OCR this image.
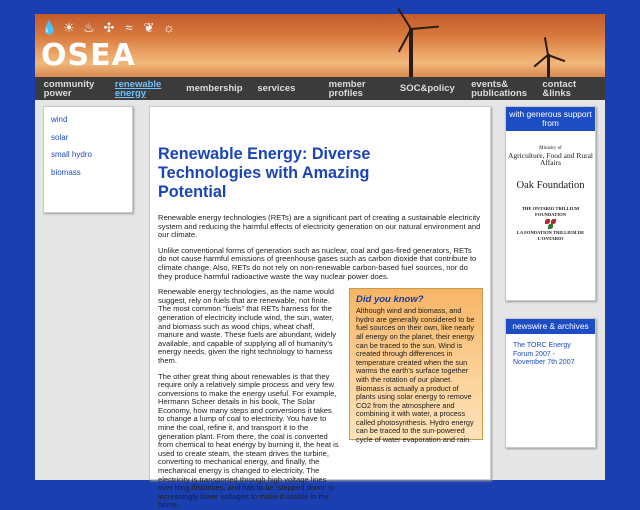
💧 ☀ ♨ ✣ ≈ ❦ ☼
OSEA
community power
renewable energy	membership services	member profiles	SOC&policy events& publications
contact &links
wind
solar
small hydro
biomass
Renewable Energy: Diverse Technologies with Amazing Potential

Renewable energy technologies (RETs) are a significant part of creating a sustainable electricity system and reducing the harmful effects of electricity generation on our natural environment and our climate.

Unlike conventional forms of generation such as nuclear, coal and gas-fired generators, RETs do not cause harmful emissions of greenhouse gases such as carbon dioxide that contribute to climate change. Also, RETs do not rely on non-renewable carbon-based fuel sources, nor do they produce harmful radioactive waste the way nuclear power does.

Did you know?

Although wind and biomass, and hydro are generally considered to be fuel sources on their own, like nearly all energy on the planet, their energy can be traced to the sun. Wind is created through differences in temperature created when the sun warms the earth’s surface together with the rotation of our planet. Biomass is actually a product of plants using solar energy to remove CO2 from the atmosphere and combining it with water, a process called photosynthesis. Hydro energy can be traced to the sun-powered cycle of water evaporation and rain.

Renewable energy technologies, as the name would suggest, rely on fuels that are renewable, not finite. The most common “fuels” that RETs harness for the generation of electricity include wind, the sun, water, and biomass such as wood chips, wheat chaff, manure and waste. These fuels are abundant, widely available, and capable of supplying all of humanity’s energy needs, given the right technology to harness them.

The other great thing about renewables is that they require only a relatively simple process and very few conversions to make the energy useful. For example, Hermann Scheer details in his book, The Solar Economy, how many steps and conversions it takes to change a lump of coal to electricity. You have to mine the coal, refine it, and transport it to the generation plant. From there, the coal is converted from chemical to heat energy by burning it, the heat is used to create steam, the steam drives the turbine, converting to mechanical energy, and finally, the mechanical energy is changed to electricity. The electricity is transported through high voltage lines over long distances, and has to be ‘stepped down’ to increasingly lower voltages to make it usable in the home.

with generous support from
Ministry of
Agriculture, Food and Rural Affairs
Oak Foundation
THE ONTARIO TRILLIUM FOUNDATION
LA FONDATION TRILLIUM DE L’ONTARIO
newswire & archives
The TORC Energy Forum 2007 - November 7th 2007
